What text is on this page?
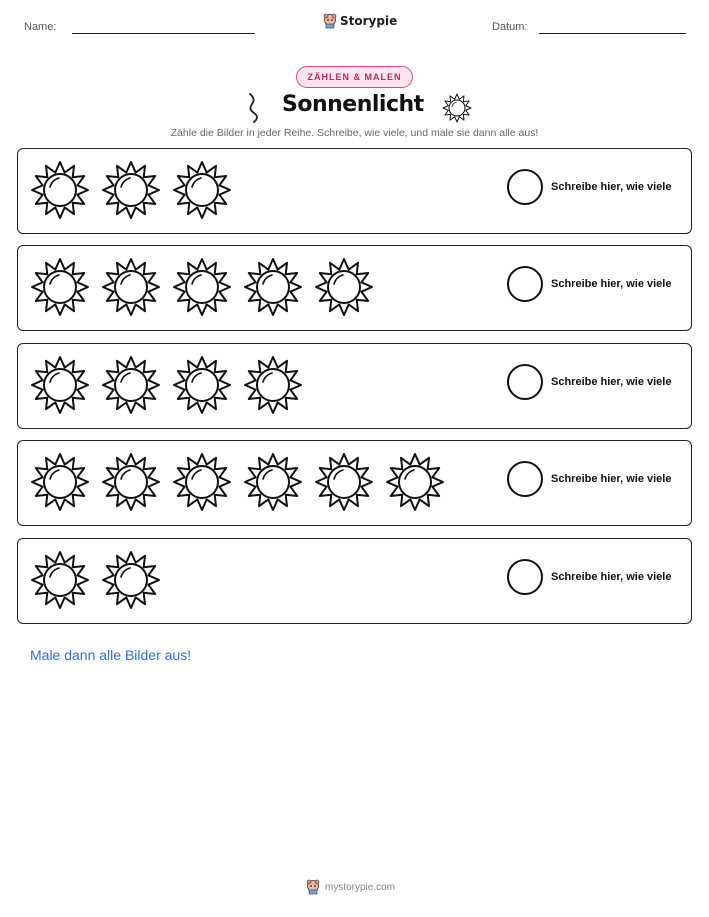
Name:	Storypie	Datum:
ZÄHLEN & MALEN
Sonnenlicht
Zähle die Bilder in jeder Reihe. Schreibe, wie viele, und male sie dann alle aus!
Schreibe hier, wie viele
Schreibe hier, wie viele
Schreibe hier, wie viele
Schreibe hier, wie viele
Schreibe hier, wie viele
Male dann alle Bilder aus!
mystorypie.com
